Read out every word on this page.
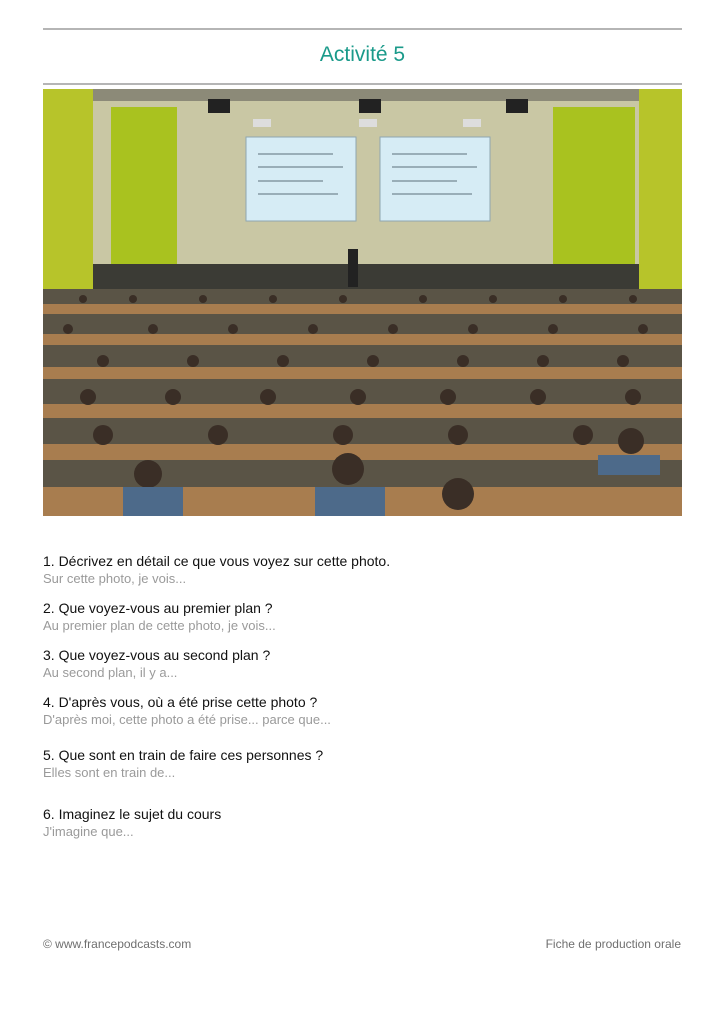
Activité 5
1. Décrivez en détail ce que vous voyez sur cette photo.
Sur cette photo, je vois...
2. Que voyez-vous au premier plan ?
Au premier plan de cette photo, je vois...
3. Que voyez-vous au second plan ?
Au second plan, il y a...
4. D'après vous, où a été prise cette photo ?
D'après moi, cette photo a été prise... parce que...
5. Que sont en train de faire ces personnes ?
Elles sont en train de...
6. Imaginez le sujet du cours
J'imagine que...
© www.francepodcasts.com	Fiche de production orale
